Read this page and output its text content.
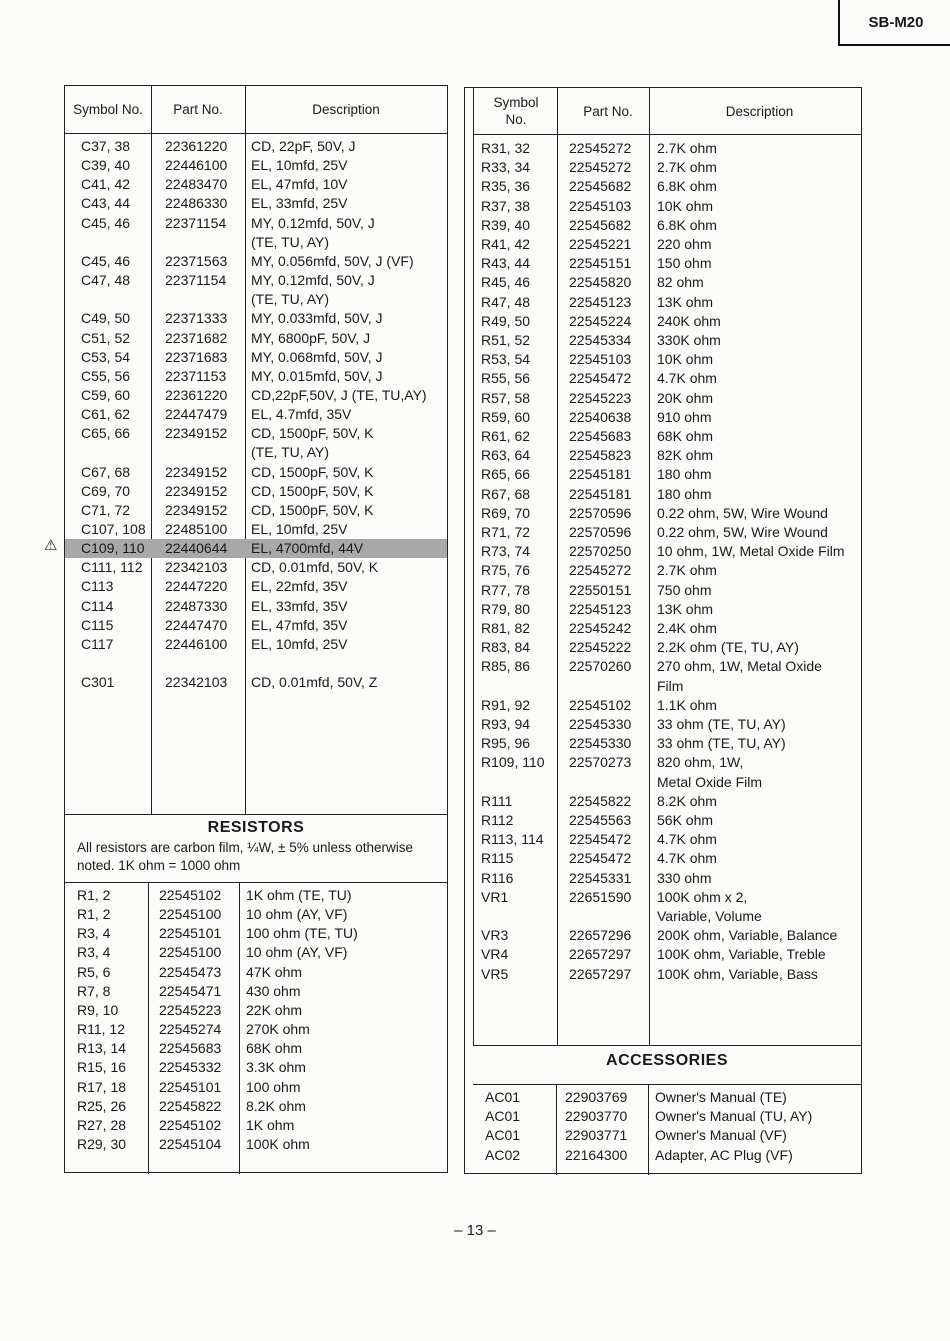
SB-M20
Symbol No.	Part No.	Description
C37, 38 22361220 CD, 22pF, 50V, J
C39, 40 22446100 EL, 10mfd, 25V
C41, 42 22483470 EL, 47mfd, 10V
C43, 44 22486330 EL, 33mfd, 25V
C45, 46 22371154 MY, 0.12mfd, 50V, J
(TE, TU, AY)
C45, 46 22371563 MY, 0.056mfd, 50V, J (VF)
C47, 48 22371154 MY, 0.12mfd, 50V, J
(TE, TU, AY)
C49, 50 22371333 MY, 0.033mfd, 50V, J
C51, 52 22371682 MY, 6800pF, 50V, J
C53, 54 22371683 MY, 0.068mfd, 50V, J
C55, 56 22371153 MY, 0.015mfd, 50V, J
C59, 60 22361220 CD,22pF,50V, J (TE, TU,AY)
C61, 62 22447479 EL, 4.7mfd, 35V
C65, 66 22349152 CD, 1500pF, 50V, K
(TE, TU, AY)
C67, 68 22349152 CD, 1500pF, 50V, K
C69, 70 22349152 CD, 1500pF, 50V, K
C71, 72 22349152 CD, 1500pF, 50V, K
C107, 108 22485100 EL, 10mfd, 25V
C109, 110 22440644 EL, 4700mfd, 44V
C111, 112 22342103 CD, 0.01mfd, 50V, K
C113	22447220 EL, 22mfd, 35V
C114	22487330 EL, 33mfd, 35V
C115	22447470 EL, 47mfd, 35V
C117	22446100 EL, 10mfd, 25V
C301	22342103 CD, 0.01mfd, 50V, Z
RESISTORS
All resistors are carbon film, ¼W, ± 5% unless otherwise
noted. 1K ohm = 1000 ohm
R1, 2	22545102 1K ohm (TE, TU)
R1, 2	22545100 10 ohm (AY, VF)
R3, 4	22545101 100 ohm (TE, TU)
R3, 4	22545100 10 ohm (AY, VF)
R5, 6	22545473 47K ohm
R7, 8	22545471 430 ohm
R9, 10	22545223 22K ohm
R11, 12 22545274 270K ohm
R13, 14 22545683 68K ohm
R15, 16 22545332 3.3K ohm
R17, 18 22545101 100 ohm
R25, 26 22545822 8.2K ohm
R27, 28 22545102 1K ohm
R29, 30 22545104 100K ohm
⚠
Symbol No.
Part No.	Description
R31, 32	22545272 2.7K ohm
R33, 34	22545272 2.7K ohm
R35, 36	22545682 6.8K ohm
R37, 38	22545103 10K ohm
R39, 40	22545682 6.8K ohm
R41, 42	22545221 220 ohm
R43, 44	22545151 150 ohm
R45, 46	22545820 82 ohm
R47, 48	22545123 13K ohm
R49, 50	22545224 240K ohm
R51, 52	22545334 330K ohm
R53, 54	22545103 10K ohm
R55, 56	22545472 4.7K ohm
R57, 58	22545223 20K ohm
R59, 60	22540638 910 ohm
R61, 62	22545683 68K ohm
R63, 64	22545823 82K ohm
R65, 66	22545181 180 ohm
R67, 68	22545181 180 ohm
R69, 70	22570596 0.22 ohm, 5W, Wire Wound
R71, 72	22570596 0.22 ohm, 5W, Wire Wound
R73, 74	22570250 10 ohm, 1W, Metal Oxide Film
R75, 76	22545272 2.7K ohm
R77, 78	22550151 750 ohm
R79, 80	22545123 13K ohm
R81, 82	22545242 2.4K ohm
R83, 84	22545222 2.2K ohm (TE, TU, AY)
R85, 86	22570260 270 ohm, 1W, Metal Oxide
Film
R91, 92	22545102 1.1K ohm
R93, 94	22545330 33 ohm (TE, TU, AY)
R95, 96	22545330 33 ohm (TE, TU, AY)
R109, 110 22570273 820 ohm, 1W,
Metal Oxide Film
R111	22545822 8.2K ohm
R112	22545563 56K ohm
R113, 114 22545472 4.7K ohm
R115	22545472 4.7K ohm
R116	22545331 330 ohm
VR1	22651590 100K ohm x 2,
Variable, Volume
VR3	22657296 200K ohm, Variable, Balance
VR4	22657297 100K ohm, Variable, Treble
VR5	22657297 100K ohm, Variable, Bass
ACCESSORIES
AC01	22903769 Owner's Manual (TE)
AC01	22903770 Owner's Manual (TU, AY)
AC01	22903771 Owner's Manual (VF)
AC02	22164300 Adapter, AC Plug (VF)
– 13 –
